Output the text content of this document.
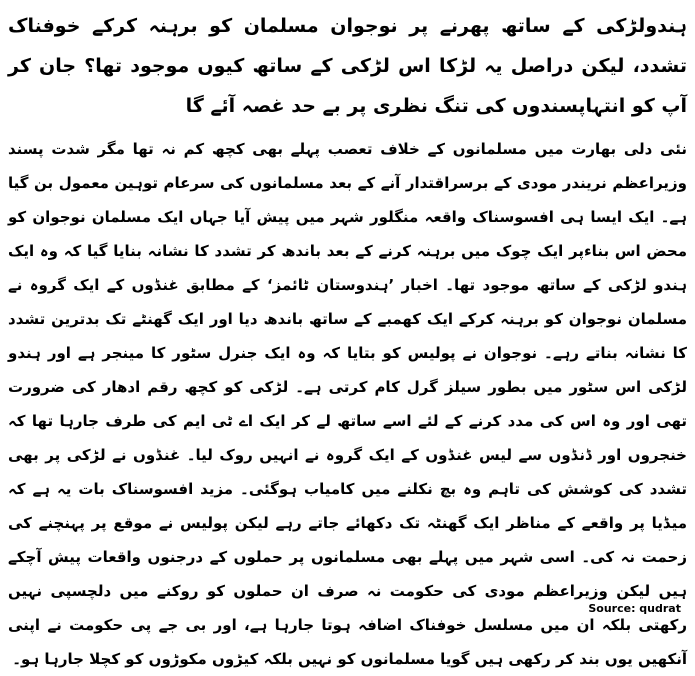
ہندولڑکی کے ساتھ پھرنے پر نوجوان مسلمان کو برہنہ کرکے خوفناک تشدد، لیکن دراصل یہ لڑکا اس لڑکی کے ساتھ کیوں موجود تھا؟ جان کر آپ کو انتہاپسندوں کی تنگ نظری پر بے حد غصہ آئے گا

نئی دلی بھارت میں مسلمانوں کے خلاف تعصب پہلے بھی کچھ کم نہ تھا مگر شدت پسند وزیراعظم نریندر مودی کے برسراقتدار آنے کے بعد مسلمانوں کی سرعام توہین معمول بن گیا ہے۔ ایک ایسا ہی افسوسناک واقعہ منگلور شہر میں پیش آیا جہاں ایک مسلمان نوجوان کو محض اس بناءپر ایک چوک میں برہنہ کرنے کے بعد باندھ کر تشدد کا نشانہ بنایا گیا کہ وہ ایک ہندو لڑکی کے ساتھ موجود تھا۔ اخبار ’ہندوستان ٹائمز‘ کے مطابق غنڈوں کے ایک گروہ نے مسلمان نوجوان کو برہنہ کرکے ایک کھمبے کے ساتھ باندھ دیا اور ایک گھنٹے تک بدترین تشدد کا نشانہ بناتے رہے۔ نوجوان نے پولیس کو بتایا کہ وہ ایک جنرل سٹور کا مینجر ہے اور ہندو لڑکی اس سٹور میں بطور سیلز گرل کام کرتی ہے۔ لڑکی کو کچھ رقم ادھار کی ضرورت تھی اور وہ اس کی مدد کرنے کے لئے اسے ساتھ لے کر ایک اے ٹی ایم کی طرف جارہا تھا کہ خنجروں اور ڈنڈوں سے لیس غنڈوں کے ایک گروہ نے انہیں روک لیا۔ غنڈوں نے لڑکی پر بھی تشدد کی کوشش کی تاہم وہ بچ نکلنے میں کامیاب ہوگئی۔ مزید افسوسناک بات یہ ہے کہ میڈیا پر واقعے کے مناظر ایک گھنٹہ تک دکھائے جاتے رہے لیکن پولیس نے موقع پر پہنچنے کی زحمت نہ کی۔ اسی شہر میں پہلے بھی مسلمانوں پر حملوں کے درجنوں واقعات پیش آچکے ہیں لیکن وزیراعظم مودی کی حکومت نہ صرف ان حملوں کو روکنے میں دلچسپی نہیں رکھتی بلکہ ان میں مسلسل خوفناک اضافہ ہوتا جارہا ہے، اور بی جے پی حکومت نے اپنی آنکھیں یوں بند کر رکھی ہیں گویا مسلمانوں کو نہیں بلکہ کیڑوں مکوڑوں کو کچلا جارہا ہو۔

Source: qudrat
